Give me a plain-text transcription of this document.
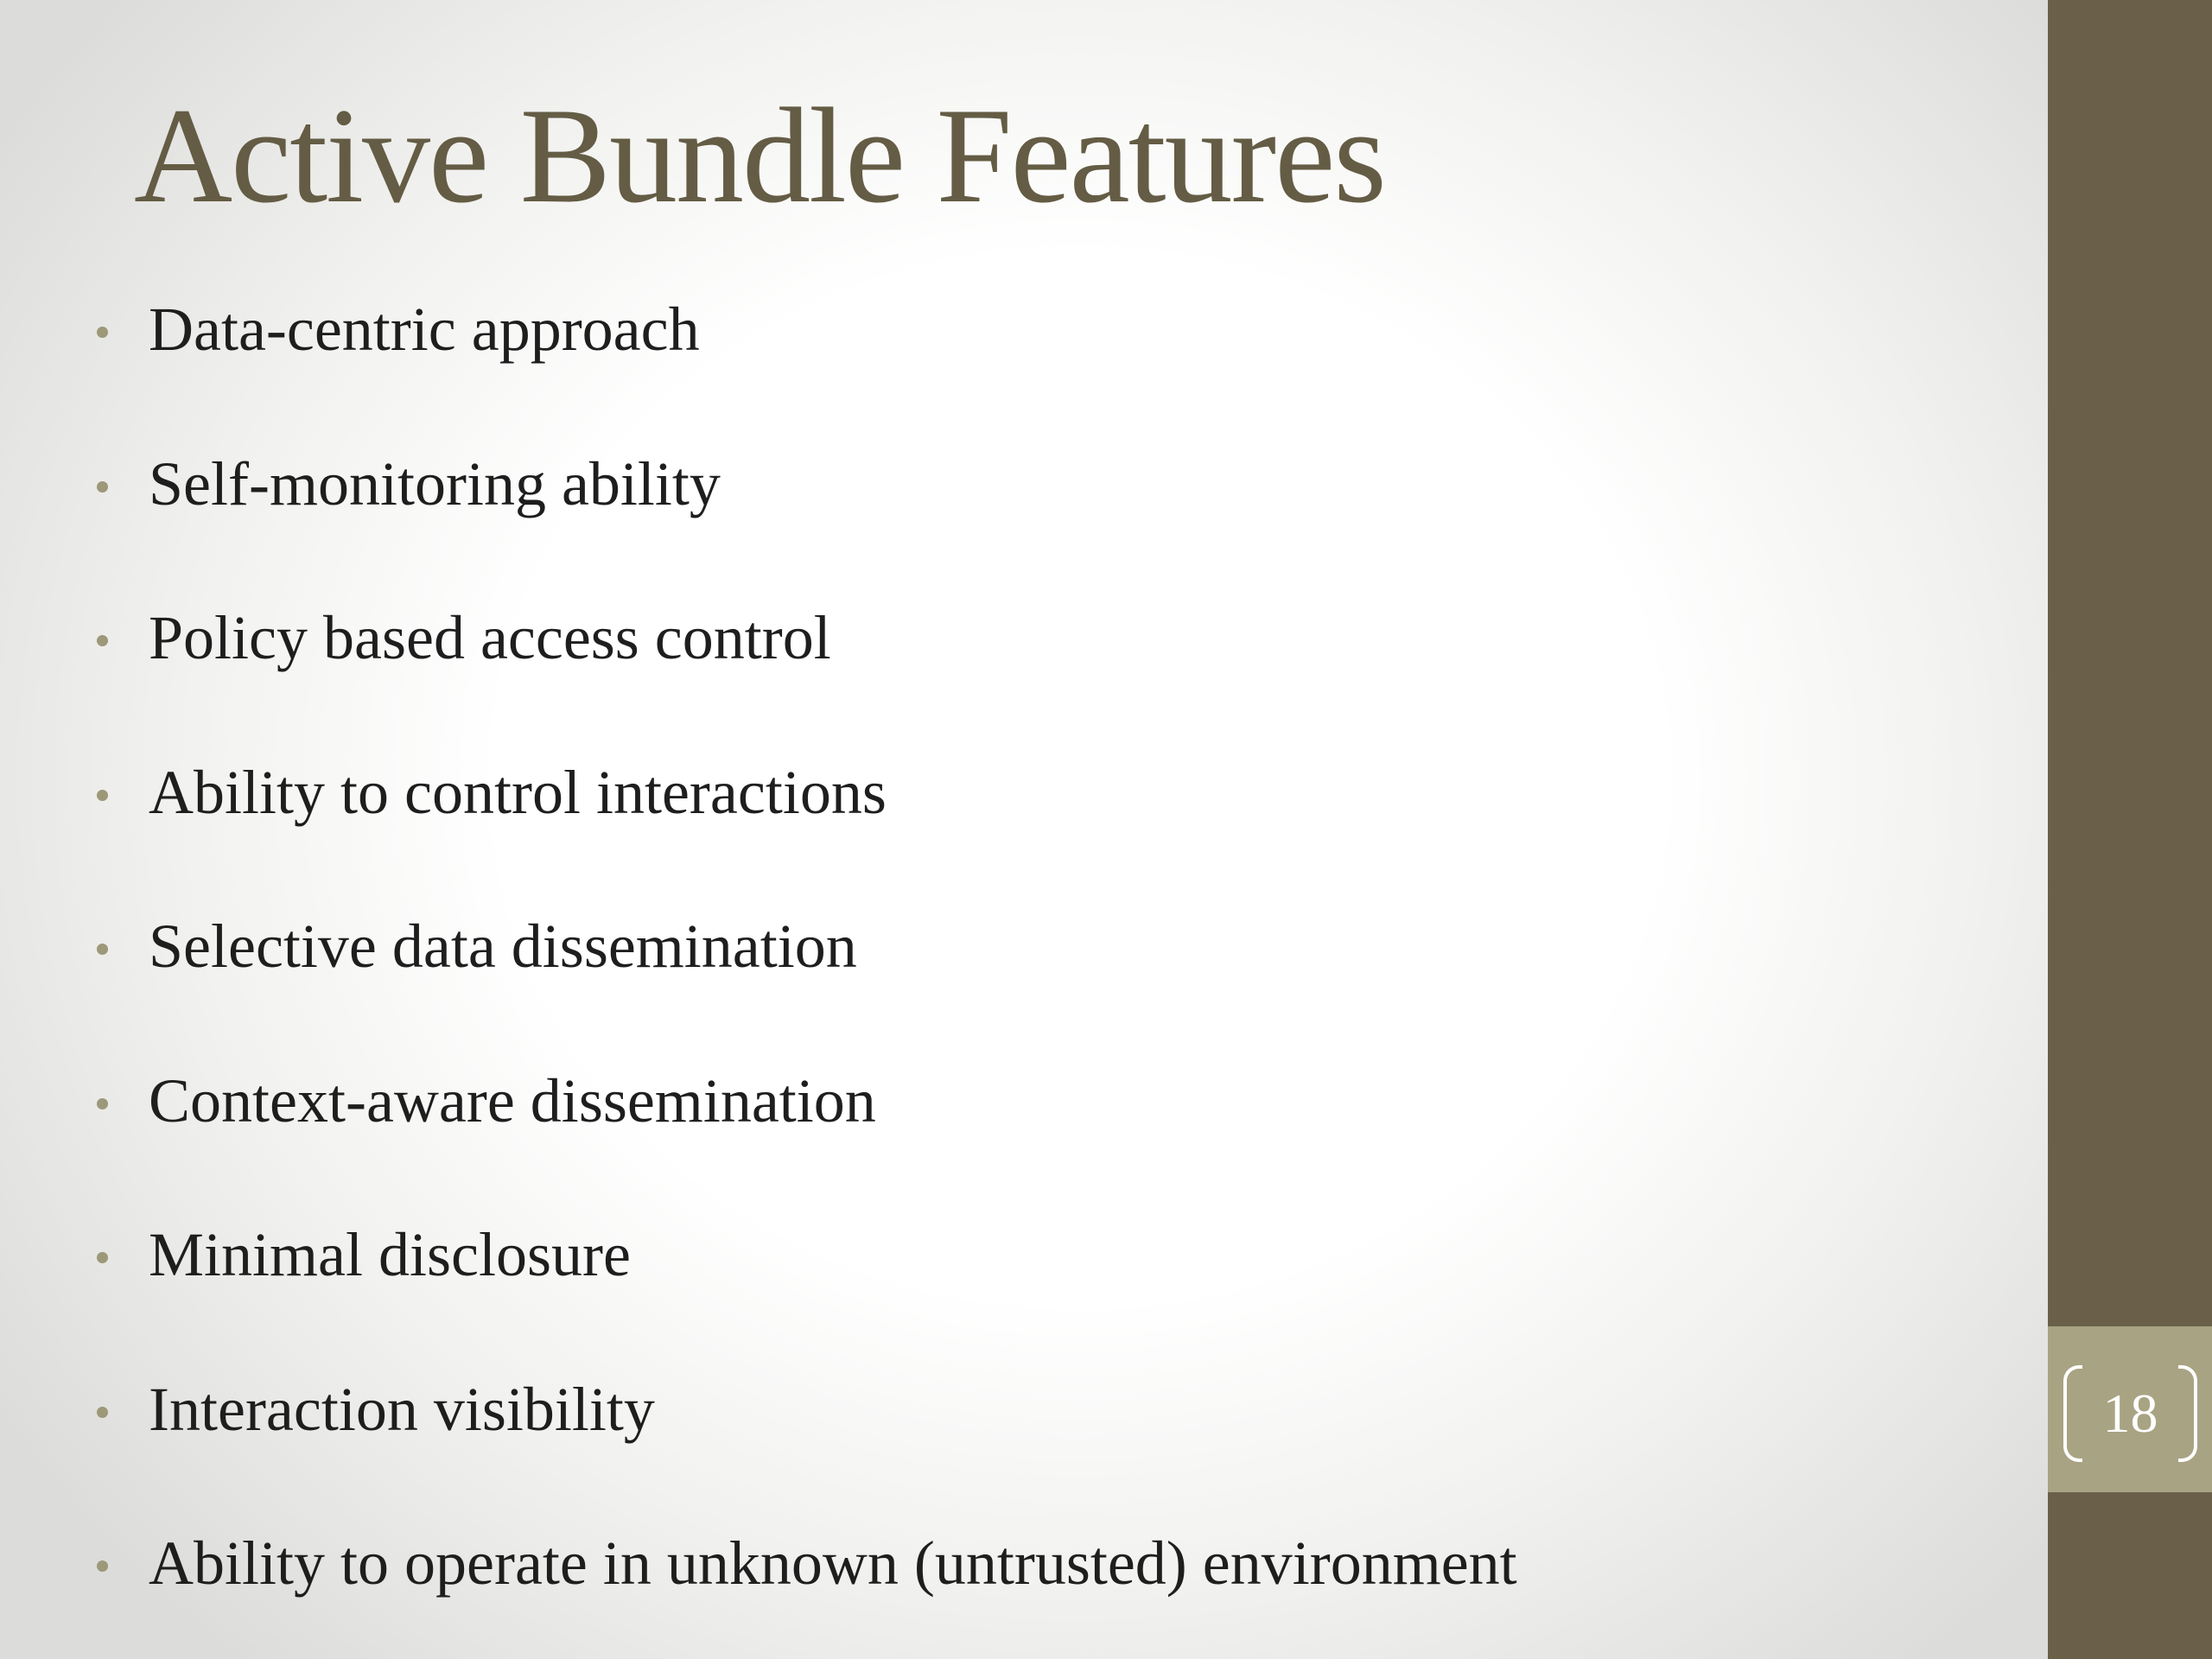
18
Active Bundle Features
Data-centric approach
Self-monitoring ability
Policy based access control
Ability to control interactions
Selective data dissemination
Context-aware dissemination
Minimal disclosure
Interaction visibility
Ability to operate in unknown (untrusted) environment
